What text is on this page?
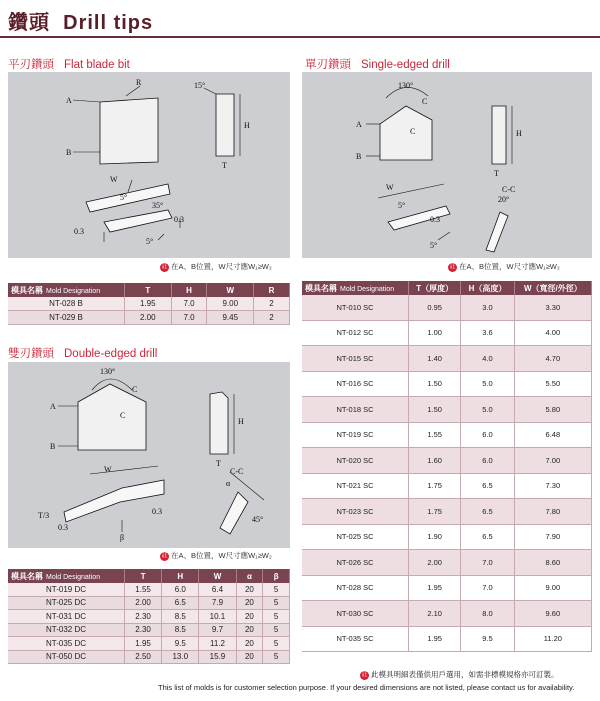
鑽頭 Drill tips
平刃鑽頭 Flat blade bit
R
A
B
15°
H
T
W
5°
35°
0.3
0.3
5°
註 在A、B位置，W尺寸應W₁≥W₂
模具名稱 Mold Designation	T	H	W	R
NT-028 B	1.95	7.0	9.00	2
NT-029 B	2.00	7.0	9.45	2
雙刃鑽頭 Double-edged drill
130°
C
C
A
B
H
T
W
T/3
0.3
0.3
β
α
C-C
45°
註 在A、B位置，W尺寸應W₁≥W₂
模具名稱 Mold Designation	T	H	W	α	β
NT-019 DC	1.55	6.0	6.4	20	5
NT-025 DC	2.00	6.5	7.9	20	5
NT-031 DC	2.30	8.5	10.1	20	5
NT-032 DC	2.30	8.5	9.7	20	5
NT-035 DC	1.95	9.5	11.2	20	5
NT-050 DC	2.50	13.0	15.9	20	5
單刃鑽頭 Single-edged drill
130°
C
C
A
B
H
T
W
5°
C-C
20°
0.3
5°
註 在A、B位置，W尺寸應W₁≥W₂
模具名稱 Mold Designation	T（厚度）	H（高度）	W（寬徑/外徑）
NT-010 SC	0.95	3.0	3.30
NT-012 SC	1.00	3.6	4.00
NT-015 SC	1.40	4.0	4.70
NT-016 SC	1.50	5.0	5.50
NT-018 SC	1.50	5.0	5.80
NT-019 SC	1.55	6.0	6.48
NT-020 SC	1.60	6.0	7.00
NT-021 SC	1.75	6.5	7.30
NT-023 SC	1.75	6.5	7.80
NT-025 SC	1.90	6.5	7.90
NT-026 SC	2.00	7.0	8.60
NT-028 SC	1.95	7.0	9.00
NT-030 SC	2.10	8.0	9.60
NT-035 SC	1.95	9.5	11.20
註 此模具明細表僅供用戶選用，如需非標模規格亦可訂製。
This list of molds is for customer selection purpose. If your desired dimensions are not listed, please contact us for availability.
